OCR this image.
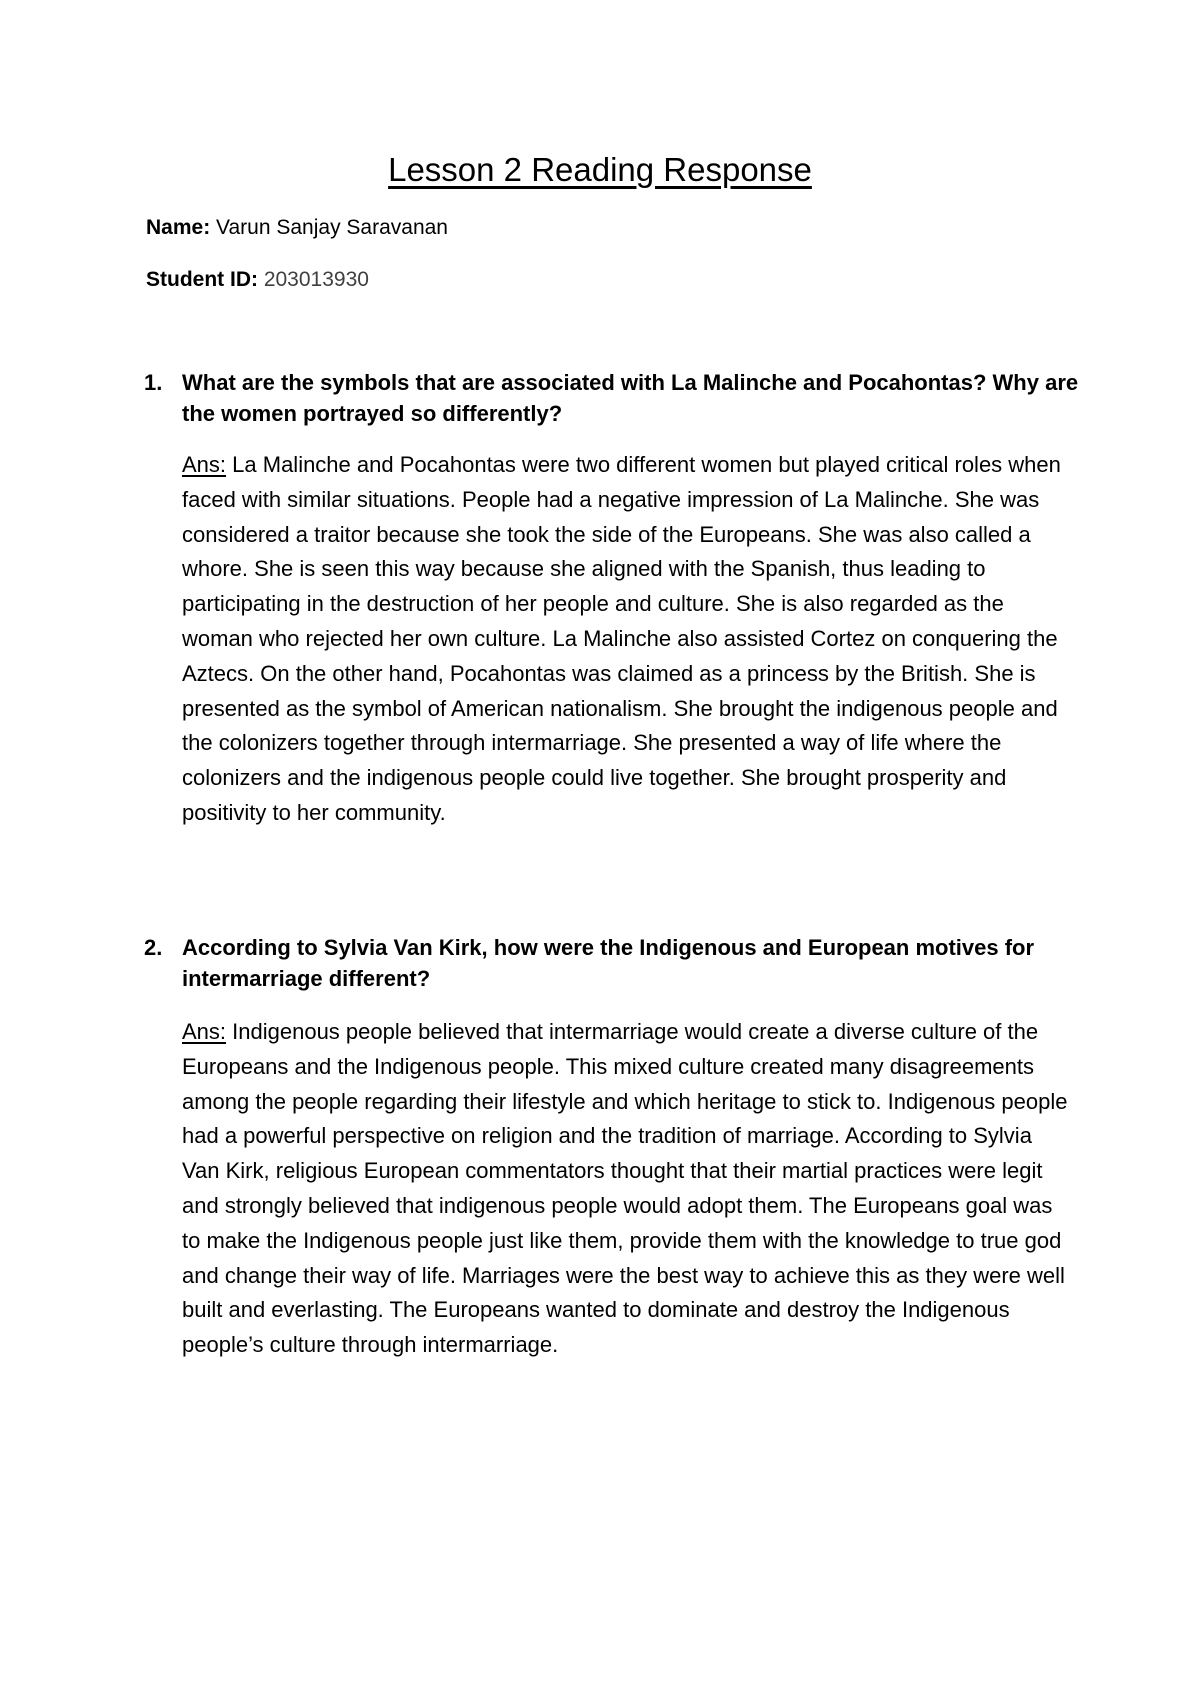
Lesson 2 Reading Response
Name: Varun Sanjay Saravanan
Student ID: 203013930
1. What are the symbols that are associated with La Malinche and Pocahontas? Why are the women portrayed so differently?
Ans: La Malinche and Pocahontas were two different women but played critical roles when faced with similar situations. People had a negative impression of La Malinche. She was considered a traitor because she took the side of the Europeans. She was also called a whore. She is seen this way because she aligned with the Spanish, thus leading to participating in the destruction of her people and culture. She is also regarded as the woman who rejected her own culture. La Malinche also assisted Cortez on conquering the Aztecs. On the other hand, Pocahontas was claimed as a princess by the British. She is presented as the symbol of American nationalism. She brought the indigenous people and the colonizers together through intermarriage. She presented a way of life where the colonizers and the indigenous people could live together. She brought prosperity and positivity to her community.
2. According to Sylvia Van Kirk, how were the Indigenous and European motives for intermarriage different?
Ans: Indigenous people believed that intermarriage would create a diverse culture of the Europeans and the Indigenous people. This mixed culture created many disagreements among the people regarding their lifestyle and which heritage to stick to. Indigenous people had a powerful perspective on religion and the tradition of marriage. According to Sylvia Van Kirk, religious European commentators thought that their martial practices were legit and strongly believed that indigenous people would adopt them. The Europeans goal was to make the Indigenous people just like them, provide them with the knowledge to true god and change their way of life. Marriages were the best way to achieve this as they were well built and everlasting. The Europeans wanted to dominate and destroy the Indigenous people’s culture through intermarriage.
